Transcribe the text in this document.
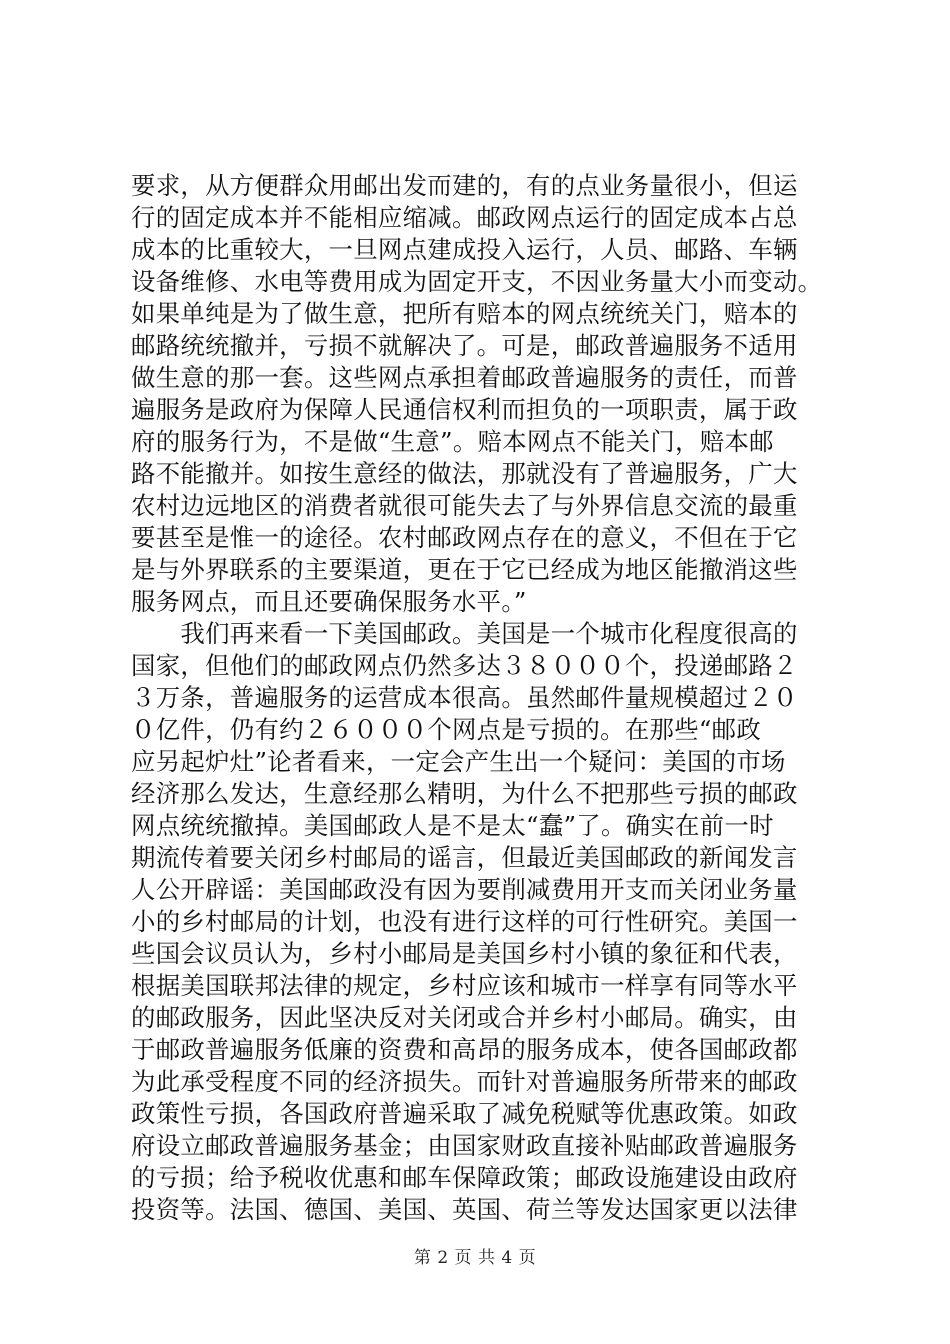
要求，从方便群众用邮出发而建的，有的点业务量很小，但运
行的固定成本并不能相应缩减。邮政网点运行的固定成本占总
成本的比重较大，一旦网点建成投入运行，人员、邮路、车辆
设备维修、水电等费用成为固定开支，不因业务量大小而变动。
如果单纯是为了做生意，把所有赔本的网点统统关门，赔本的
邮路统统撤并，亏损不就解决了。可是，邮政普遍服务不适用
做生意的那一套。这些网点承担着邮政普遍服务的责任，而普
遍服务是政府为保障人民通信权利而担负的一项职责，属于政
府的服务行为，不是做“生意”。赔本网点不能关门，赔本邮
路不能撤并。如按生意经的做法，那就没有了普遍服务，广大
农村边远地区的消费者就很可能失去了与外界信息交流的最重
要甚至是惟一的途径。农村邮政网点存在的意义，不但在于它
是与外界联系的主要渠道，更在于它已经成为地区能撤消这些
服务网点，而且还要确保服务水平。”
　　我们再来看一下美国邮政。美国是一个城市化程度很高的
国家，但他们的邮政网点仍然多达３８０００个，投递邮路２
３万条，普遍服务的运营成本很高。虽然邮件量规模超过２０
０亿件，仍有约２６０００个网点是亏损的。在那些“邮政
应另起炉灶”论者看来，一定会产生出一个疑问：美国的市场
经济那么发达，生意经那么精明，为什么不把那些亏损的邮政
网点统统撤掉。美国邮政人是不是太“蠢”了。确实在前一时
期流传着要关闭乡村邮局的谣言，但最近美国邮政的新闻发言
人公开辟谣：美国邮政没有因为要削减费用开支而关闭业务量
小的乡村邮局的计划，也没有进行这样的可行性研究。美国一
些国会议员认为，乡村小邮局是美国乡村小镇的象征和代表，
根据美国联邦法律的规定，乡村应该和城市一样享有同等水平
的邮政服务，因此坚决反对关闭或合并乡村小邮局。确实，由
于邮政普遍服务低廉的资费和高昂的服务成本，使各国邮政都
为此承受程度不同的经济损失。而针对普遍服务所带来的邮政
政策性亏损，各国政府普遍采取了减免税赋等优惠政策。如政
府设立邮政普遍服务基金；由国家财政直接补贴邮政普遍服务
的亏损；给予税收优惠和邮车保障政策；邮政设施建设由政府
投资等。法国、德国、美国、英国、荷兰等发达国家更以法律
第 2 页 共 4 页
